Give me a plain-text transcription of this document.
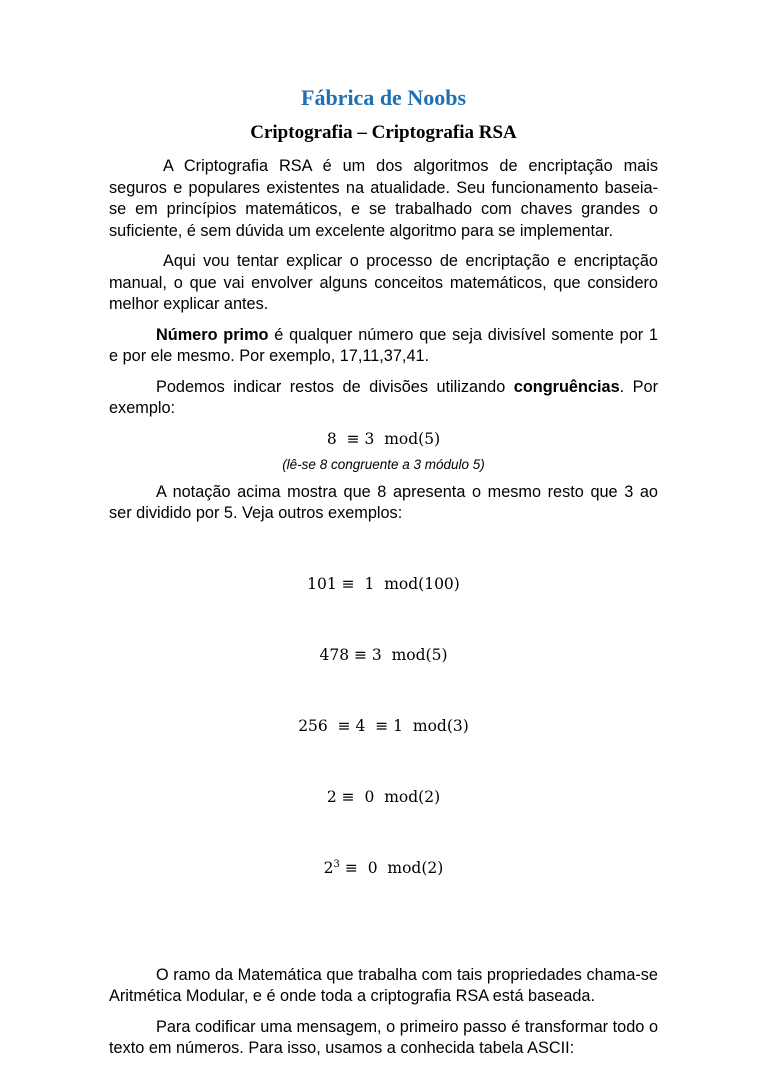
Fábrica de Noobs
Criptografia – Criptografia RSA

A Criptografia RSA é um dos algoritmos de encriptação mais seguros e populares existentes na atualidade. Seu funcionamento baseia-se em princípios matemáticos, e se trabalhado com chaves grandes o suficiente, é sem dúvida um excelente algoritmo para se implementar.

Aqui vou tentar explicar o processo de encriptação e encriptação manual, o que vai envolver alguns conceitos matemáticos, que considero melhor explicar antes.

Número primo é qualquer número que seja divisível somente por 1 e por ele mesmo. Por exemplo, 17,11,37,41.

Podemos indicar restos de divisões utilizando congruências. Por exemplo:

8  ≡ 3  mod(5)

(lê-se 8 congruente a 3 módulo 5)

A notação acima mostra que 8 apresenta o mesmo resto que 3 ao ser dividido por 5. Veja outros exemplos:

101 ≡  1  mod(100)

478 ≡ 3  mod(5)

256  ≡ 4  ≡ 1  mod(3)

2 ≡  0  mod(2)

$2^3 \equiv 0$  mod(2)

O ramo da Matemática que trabalha com tais propriedades chama-se Aritmética Modular, e é onde toda a criptografia RSA está baseada.

Para codificar uma mensagem, o primeiro passo é transformar todo o texto em números. Para isso, usamos a conhecida tabela ASCII:
